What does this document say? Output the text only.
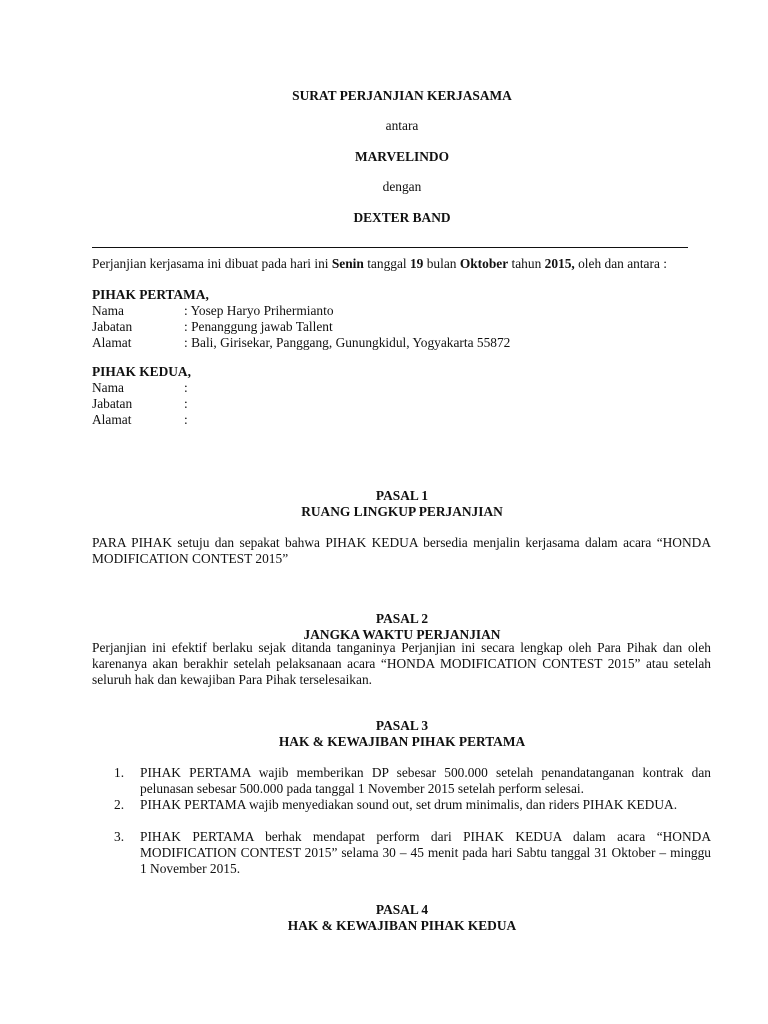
SURAT PERJANJIAN KERJASAMA
antara
MARVELINDO
dengan
DEXTER BAND
Perjanjian kerjasama ini dibuat pada hari ini Senin tanggal 19 bulan Oktober tahun 2015, oleh dan antara :
PIHAK PERTAMA,
Nama	: Yosep Haryo Prihermianto
Jabatan	: Penanggung jawab Tallent
Alamat	: Bali, Girisekar, Panggang, Gunungkidul, Yogyakarta 55872
PIHAK KEDUA,
Nama	:
Jabatan	:
Alamat	:
PASAL 1
RUANG LINGKUP PERJANJIAN
PARA PIHAK setuju dan sepakat bahwa PIHAK KEDUA bersedia menjalin kerjasama dalam acara “HONDA MODIFICATION CONTEST 2015”
PASAL 2
JANGKA WAKTU PERJANJIAN
Perjanjian ini efektif berlaku sejak ditanda tanganinya Perjanjian ini secara lengkap oleh Para Pihak dan oleh karenanya akan berakhir setelah pelaksanaan acara “HONDA MODIFICATION CONTEST 2015” atau setelah seluruh hak dan kewajiban Para Pihak terselesaikan.
PASAL 3
HAK & KEWAJIBAN PIHAK PERTAMA
1. PIHAK PERTAMA wajib memberikan DP sebesar 500.000 setelah penandatanganan kontrak dan pelunasan sebesar 500.000 pada tanggal 1 November 2015 setelah perform selesai.
2. PIHAK PERTAMA wajib menyediakan sound out, set drum minimalis, dan riders PIHAK KEDUA.
3. PIHAK PERTAMA berhak mendapat perform dari PIHAK KEDUA dalam acara “HONDA MODIFICATION CONTEST 2015” selama 30 – 45 menit pada hari Sabtu tanggal 31 Oktober – minggu 1 November 2015.
PASAL 4
HAK & KEWAJIBAN PIHAK KEDUA
